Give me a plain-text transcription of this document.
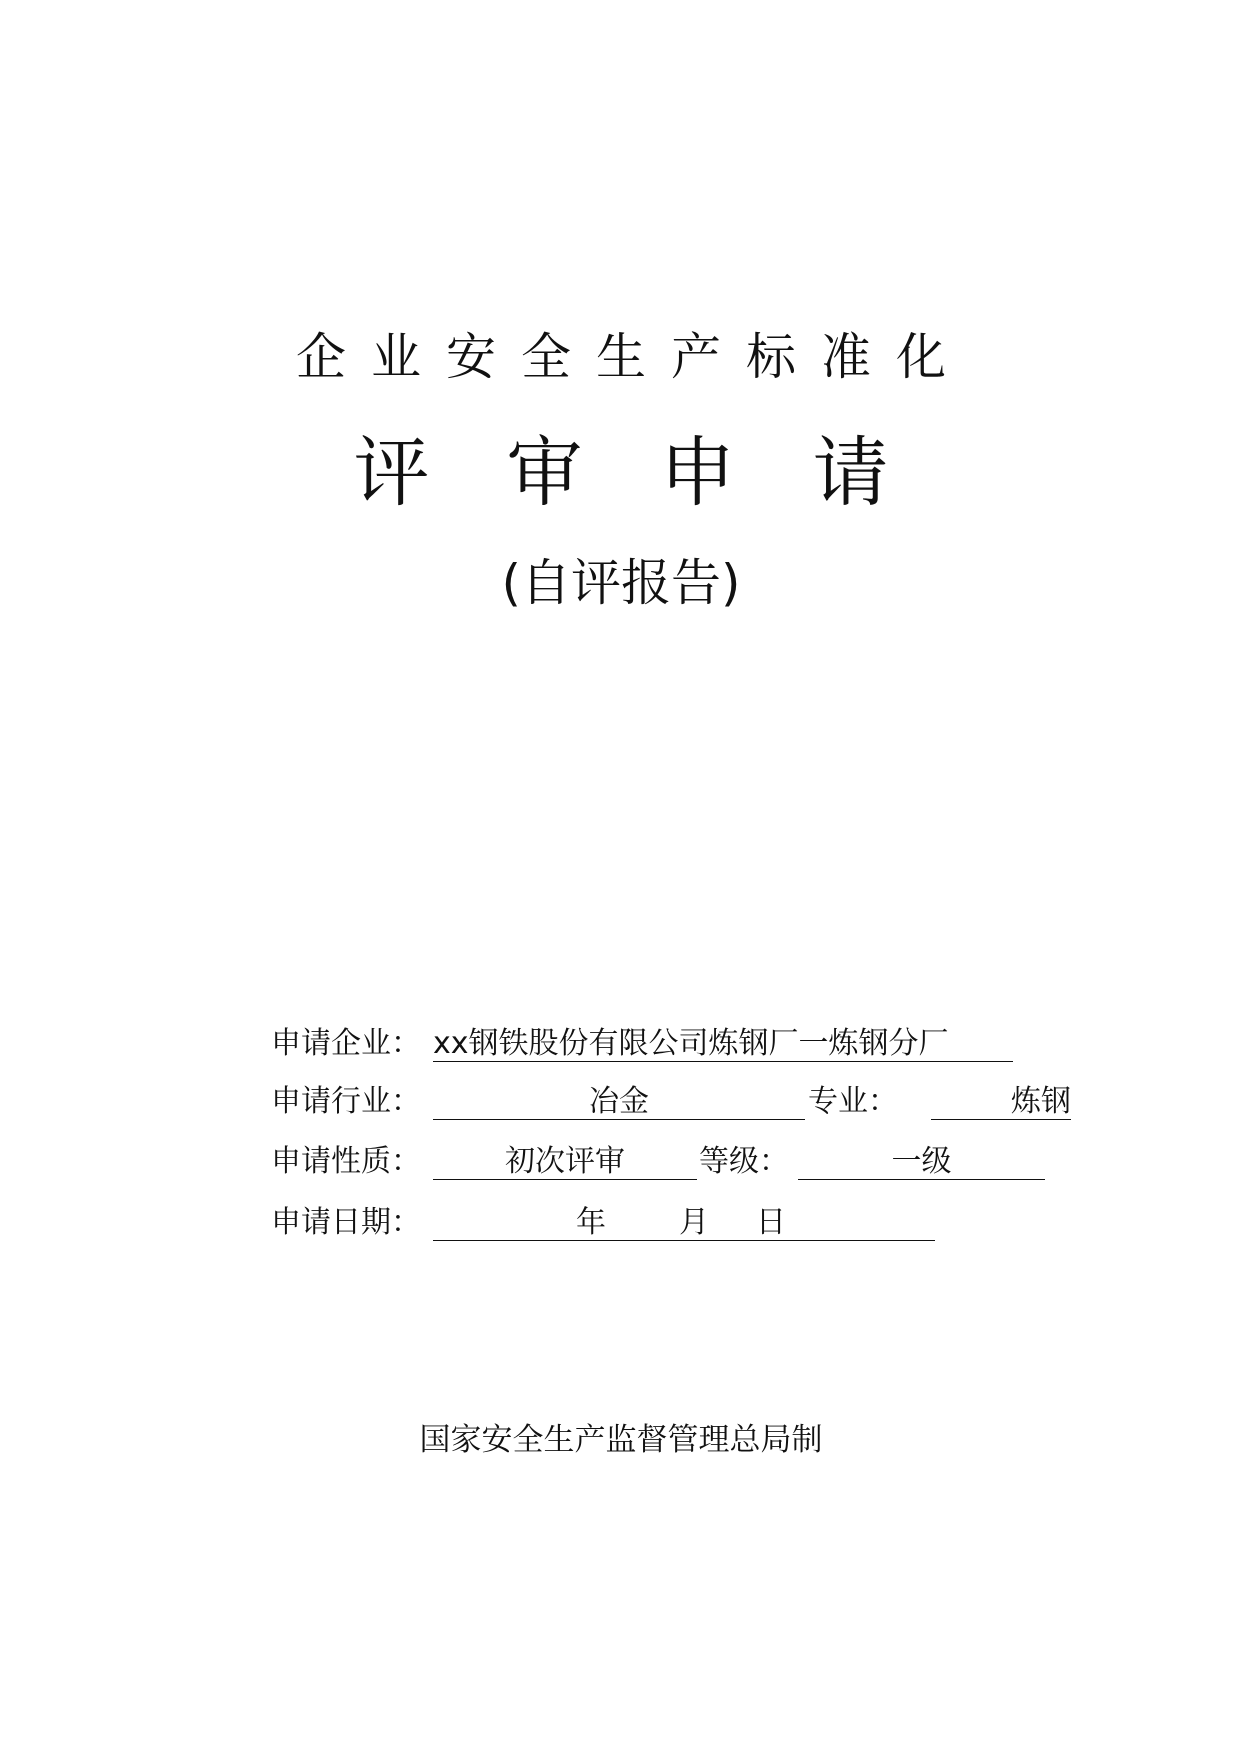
企业安全生产标准化
评审申请
(自评报告)
申请企业： xx钢铁股份有限公司炼钢厂一炼钢分厂
申请行业：	冶金	专业：	炼钢
申请性质：	初次评审	等级：	一级
申请日期：	年 月 日
国家安全生产监督管理总局制
